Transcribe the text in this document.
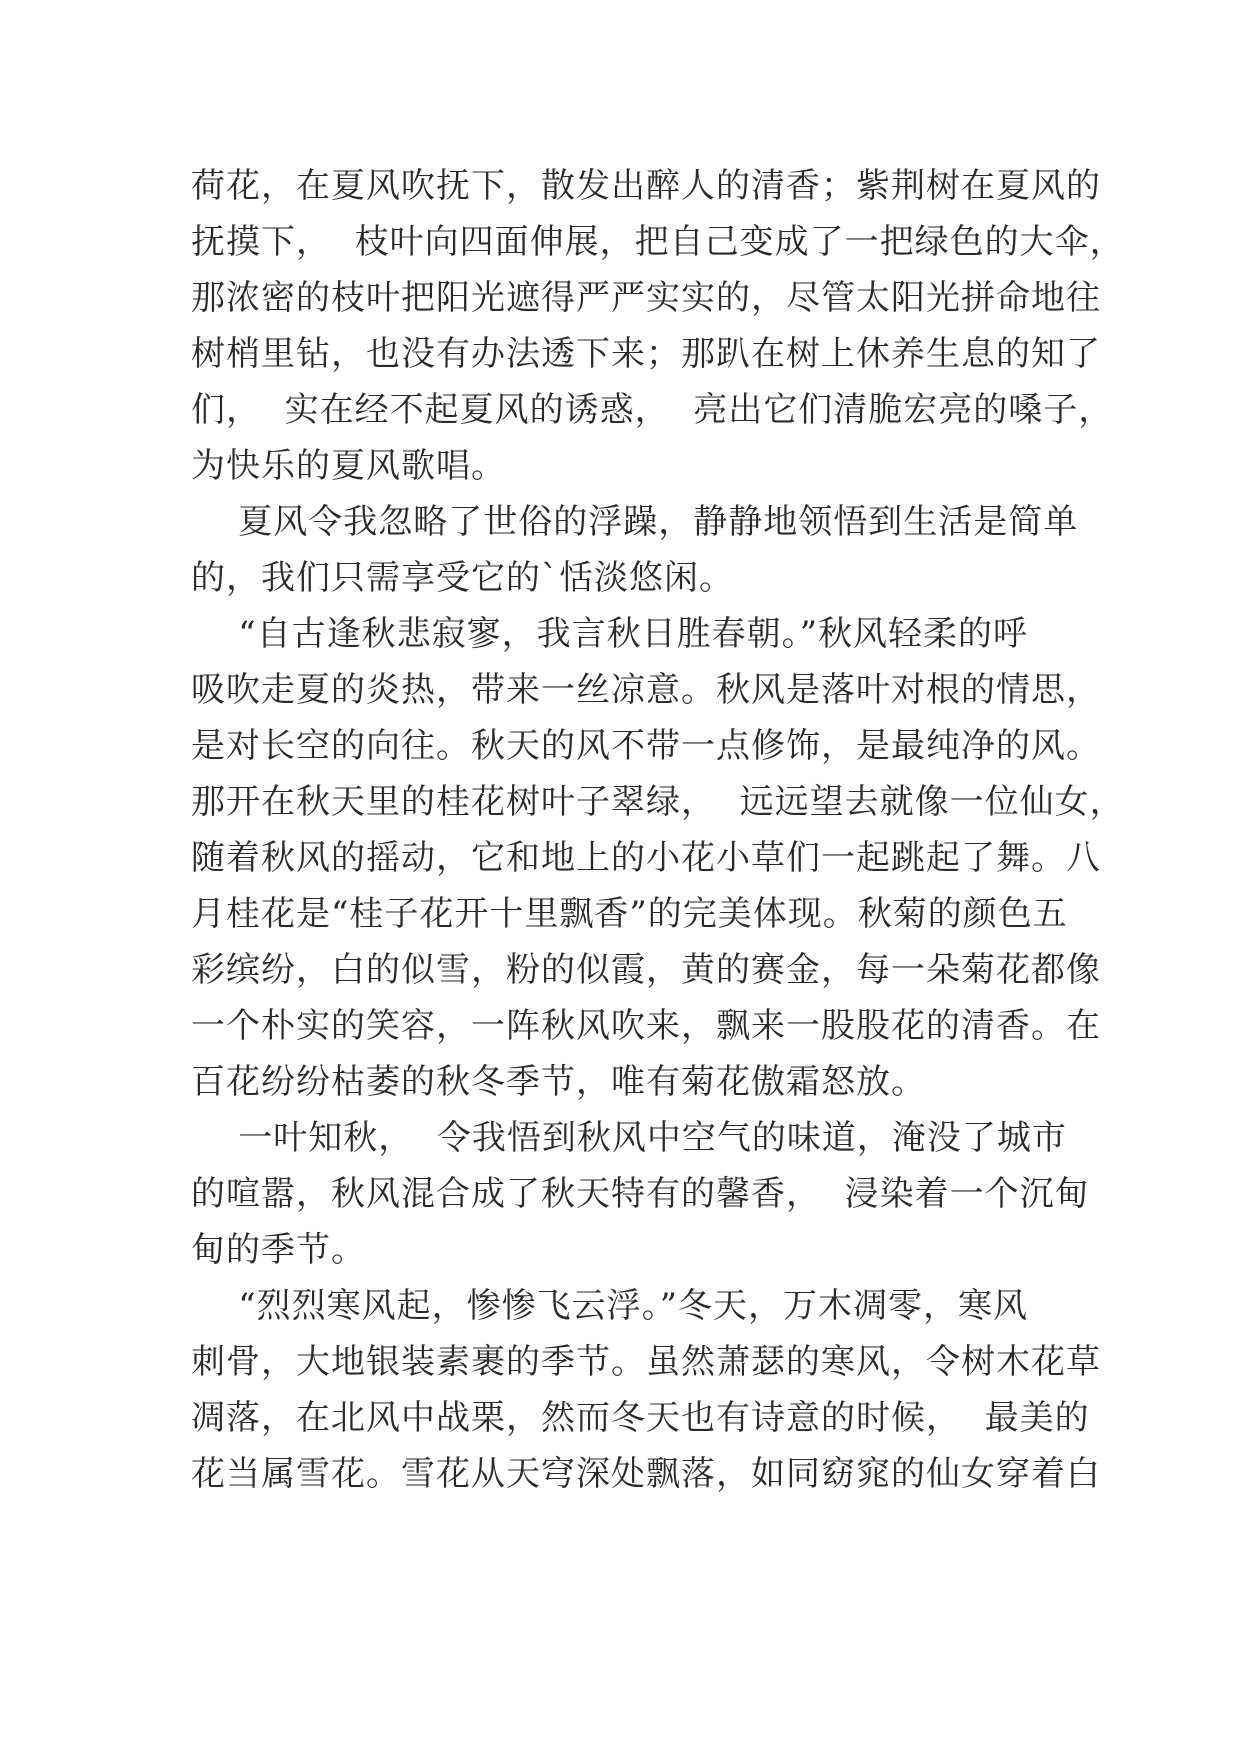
荷花，在夏风吹抚下，散发出醉人的清香；紫荆树在夏风的
抚摸下，  枝叶向四面伸展，把自己变成了一把绿色的大伞，
那浓密的枝叶把阳光遮得严严实实的，尽管太阳光拼命地往
树梢里钻，也没有办法透下来；那趴在树上休养生息的知了
们，  实在经不起夏风的诱惑，  亮出它们清脆宏亮的嗓子，
为快乐的夏风歌唱。
夏风令我忽略了世俗的浮躁，静静地领悟到生活是简单
的，我们只需享受它的`恬淡悠闲。
“自古逢秋悲寂寥，我言秋日胜春朝。”秋风轻柔的呼
吸吹走夏的炎热，带来一丝凉意。秋风是落叶对根的情思，
是对长空的向往。秋天的风不带一点修饰，是最纯净的风。
那开在秋天里的桂花树叶子翠绿，  远远望去就像一位仙女，
随着秋风的摇动，它和地上的小花小草们一起跳起了舞。八
月桂花是“桂子花开十里飘香”的完美体现。秋菊的颜色五
彩缤纷，白的似雪，粉的似霞，黄的赛金，每一朵菊花都像
一个朴实的笑容，一阵秋风吹来，飘来一股股花的清香。在
百花纷纷枯萎的秋冬季节，唯有菊花傲霜怒放。
一叶知秋，  令我悟到秋风中空气的味道，淹没了城市
的喧嚣，秋风混合成了秋天特有的馨香，  浸染着一个沉甸
甸的季节。
“烈烈寒风起，惨惨飞云浮。”冬天，万木凋零，寒风
刺骨，大地银装素裹的季节。虽然萧瑟的寒风，令树木花草
凋落，在北风中战栗，然而冬天也有诗意的时候，  最美的
花当属雪花。雪花从天穹深处飘落，如同窈窕的仙女穿着白
